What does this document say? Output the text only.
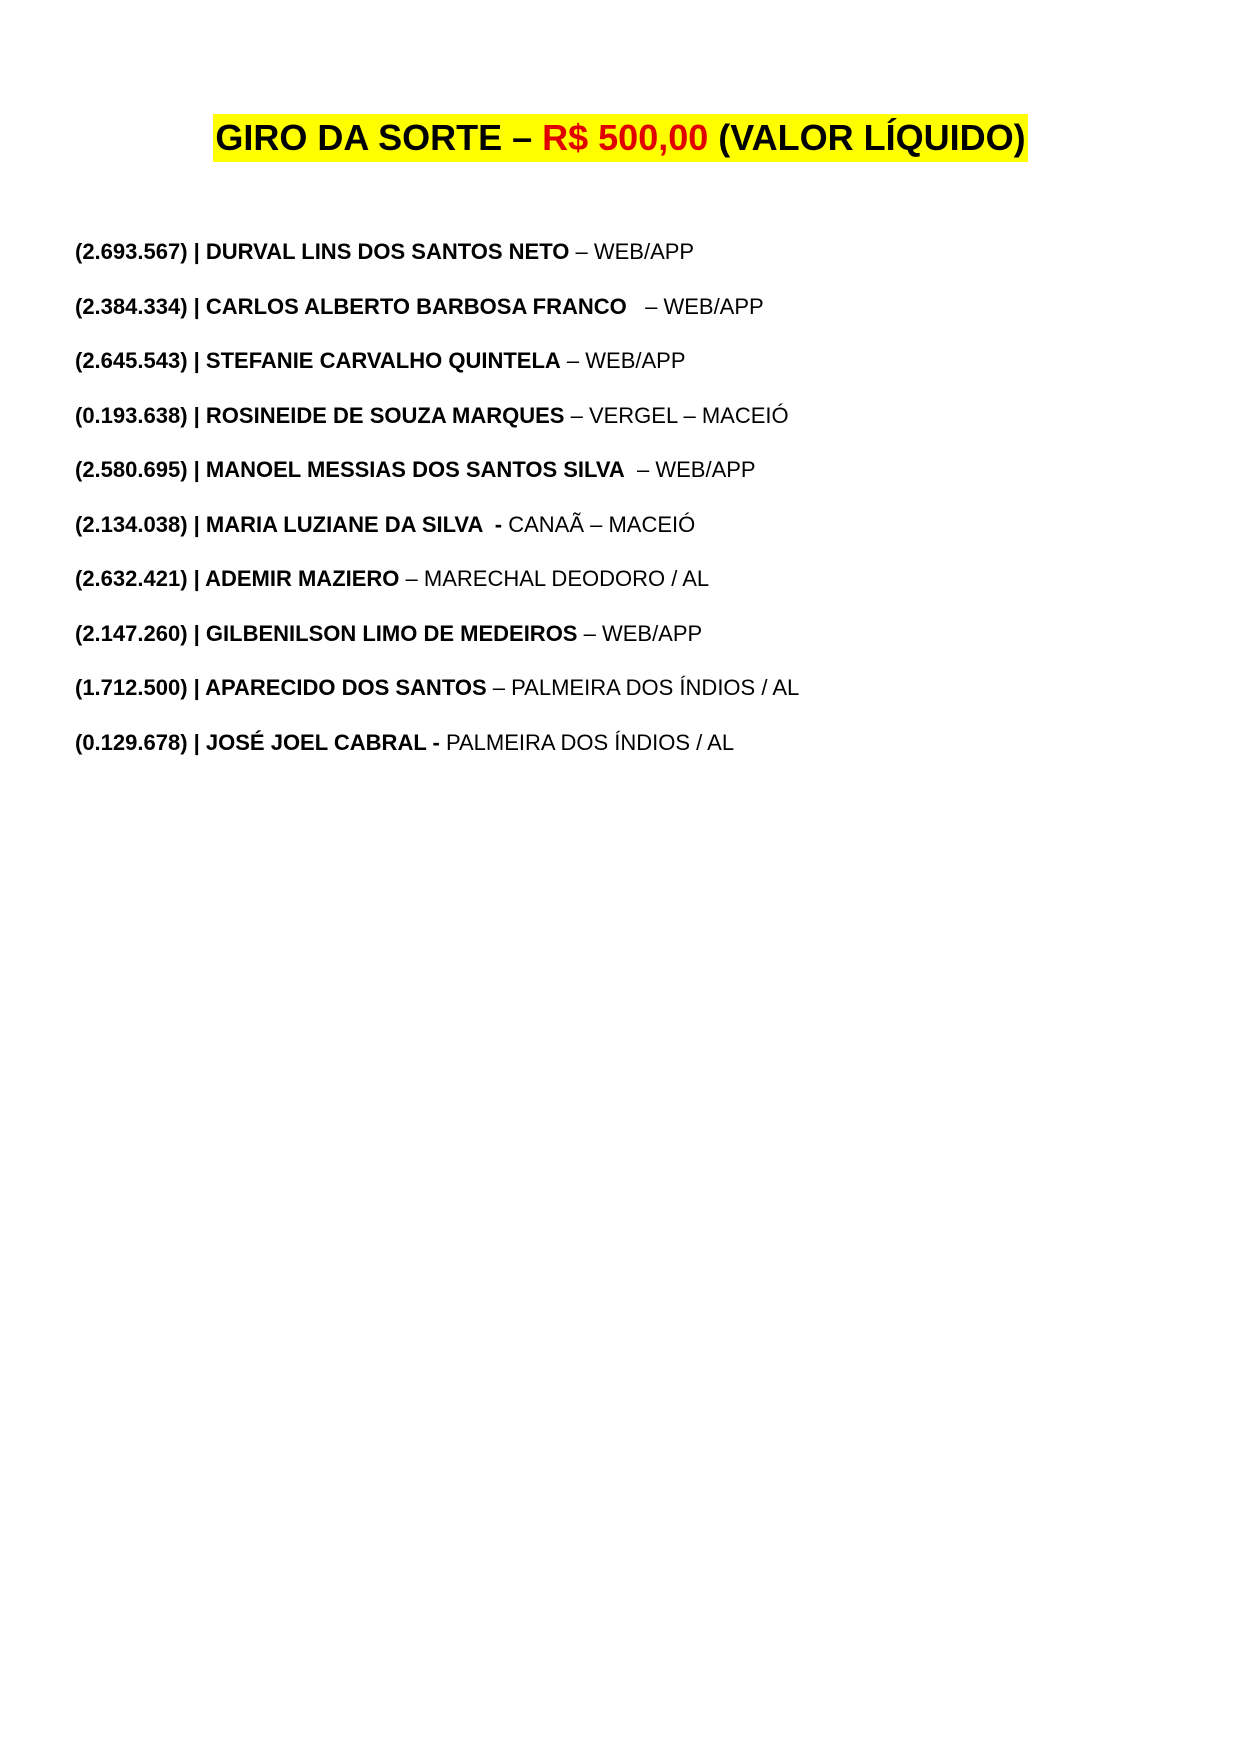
GIRO DA SORTE – R$ 500,00 (VALOR LÍQUIDO)
(2.693.567) | DURVAL LINS DOS SANTOS NETO – WEB/APP
(2.384.334) | CARLOS ALBERTO BARBOSA FRANCO   – WEB/APP
(2.645.543) | STEFANIE CARVALHO QUINTELA – WEB/APP
(0.193.638) | ROSINEIDE DE SOUZA MARQUES – VERGEL – MACEIÓ
(2.580.695) | MANOEL MESSIAS DOS SANTOS SILVA  – WEB/APP
(2.134.038) | MARIA LUZIANE DA SILVA  - CANAÃ – MACEIÓ
(2.632.421) | ADEMIR MAZIERO – MARECHAL DEODORO / AL
(2.147.260) | GILBENILSON LIMO DE MEDEIROS – WEB/APP
(1.712.500) | APARECIDO DOS SANTOS – PALMEIRA DOS ÍNDIOS / AL
(0.129.678) | JOSÉ JOEL CABRAL - PALMEIRA DOS ÍNDIOS / AL
